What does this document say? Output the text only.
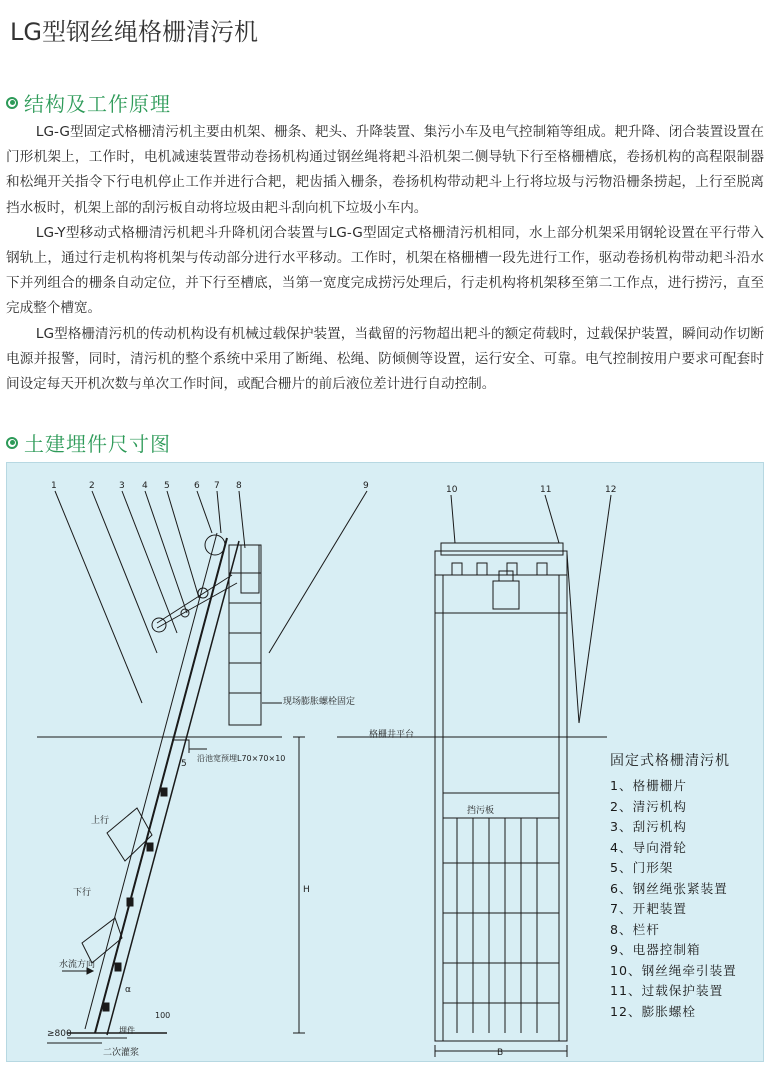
LG型钢丝绳格栅清污机
结构及工作原理

LG-G型固定式格栅清污机主要由机架、栅条、耙头、升降装置、集污小车及电气控制箱等组成。耙升降、闭合装置设置在门形机架上，工作时，电机减速装置带动卷扬机构通过钢丝绳将耙斗沿机架二侧导轨下行至格栅槽底，卷扬机构的高程限制器和松绳开关指令下行电机停止工作并进行合耙，耙齿插入栅条，卷扬机构带动耙斗上行将垃圾与污物沿栅条捞起，上行至脱离挡水板时，机架上部的刮污板自动将垃圾由耙斗刮向机下垃圾小车内。

LG-Y型移动式格栅清污机耙斗升降机闭合装置与LG-G型固定式格栅清污机相同，水上部分机架采用钢轮设置在平行带入钢轨上，通过行走机构将机架与传动部分进行水平移动。工作时，机架在格栅槽一段先进行工作，驱动卷扬机构带动耙斗沿水下并列组合的栅条自动定位，并下行至槽底，当第一宽度完成捞污处理后，行走机构将机架移至第二工作点，进行捞污，直至完成整个槽宽。

LG型格栅清污机的传动机构设有机械过载保护装置，当截留的污物超出耙斗的额定荷载时，过载保护装置，瞬间动作切断电源并报警，同时，清污机的整个系统中采用了断绳、松绳、防倾侧等设置，运行安全、可靠。电气控制按用户要求可配套时间设定每天开机次数与单次工作时间，或配合栅片的前后液位差计进行自动控制。

土建埋件尺寸图
1	2	3 4 5	6 7 8	9	10	11	12
现场膨胀螺栓固定
格栅井平台
沿池宽预埋L70×70×10
5
上行
下行
水流方向
H
挡污板
B
α
100
埋件
≥800
二次灌浆
固定式格栅清污机
1、格栅栅片
2、清污机构
3、刮污机构
4、导向滑轮
5、门形架
6、钢丝绳张紧装置
7、开耙装置
8、栏杆
9、电器控制箱
10、钢丝绳牵引装置
11、过载保护装置
12、膨胀螺栓
